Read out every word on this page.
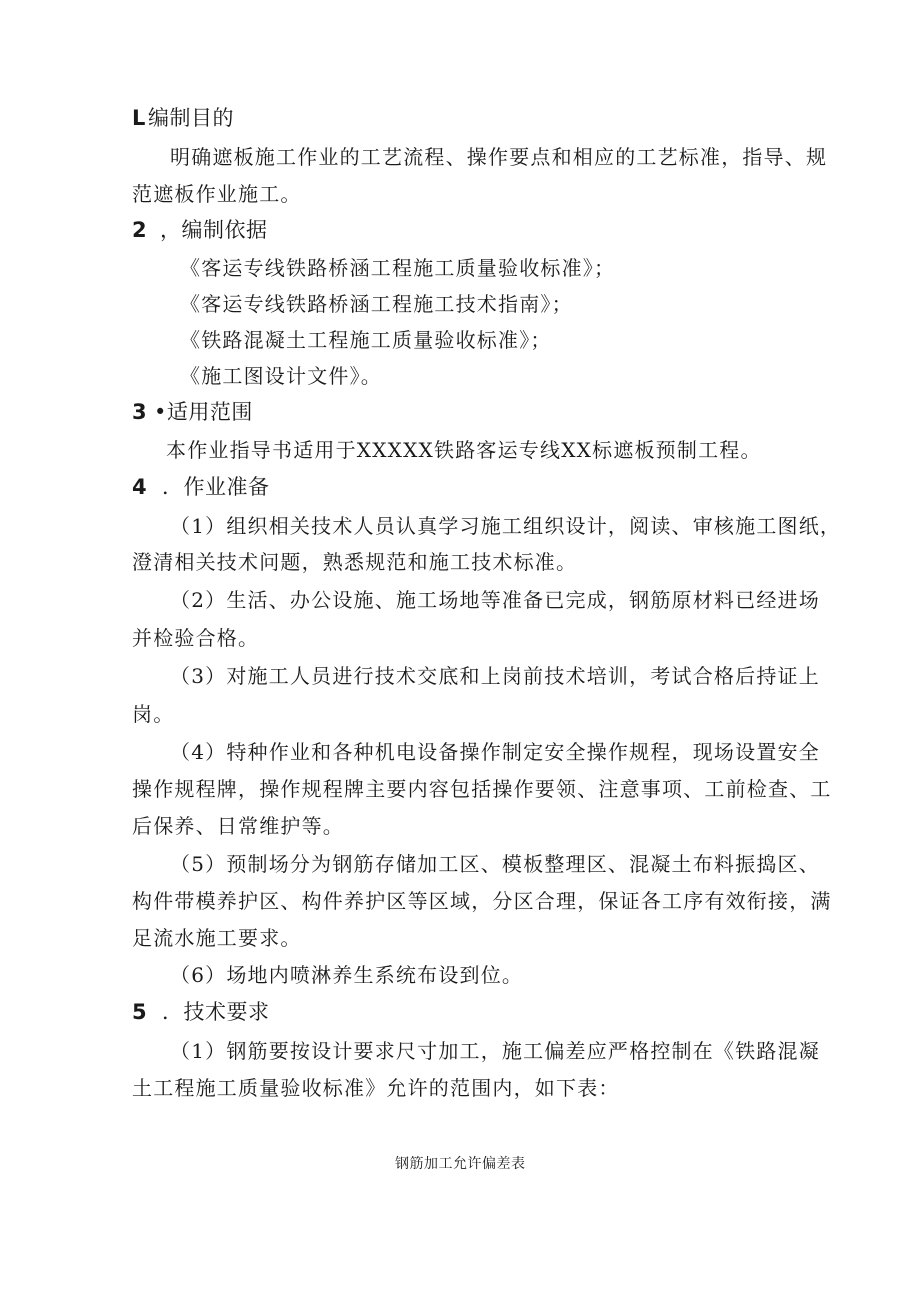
L 编制目的
明确遮板施工作业的工艺流程、操作要点和相应的工艺标准，指导、规
范遮板作业施工。
2 ，编制依据
《客运专线铁路桥涵工程施工质量验收标准》；
《客运专线铁路桥涵工程施工技术指南》；
《铁路混凝土工程施工质量验收标准》；
《施工图设计文件》。
3 •适用范围
本作业指导书适用于XXXXX铁路客运专线XX标遮板预制工程。
4 ．作业准备
（1）组织相关技术人员认真学习施工组织设计，阅读、审核施工图纸，
澄清相关技术问题，熟悉规范和施工技术标准。
（2）生活、办公设施、施工场地等准备已完成，钢筋原材料已经进场
并检验合格。
（3）对施工人员进行技术交底和上岗前技术培训，考试合格后持证上
岗。
（4）特种作业和各种机电设备操作制定安全操作规程，现场设置安全
操作规程牌，操作规程牌主要内容包括操作要领、注意事项、工前检查、工
后保养、日常维护等。
（5）预制场分为钢筋存储加工区、模板整理区、混凝土布料振捣区、
构件带模养护区、构件养护区等区域，分区合理，保证各工序有效衔接，满
足流水施工要求。
（6）场地内喷淋养生系统布设到位。
5 ．技术要求
（1）钢筋要按设计要求尺寸加工，施工偏差应严格控制在《铁路混凝
土工程施工质量验收标准》允许的范围内，如下表：
钢筋加工允许偏差表
